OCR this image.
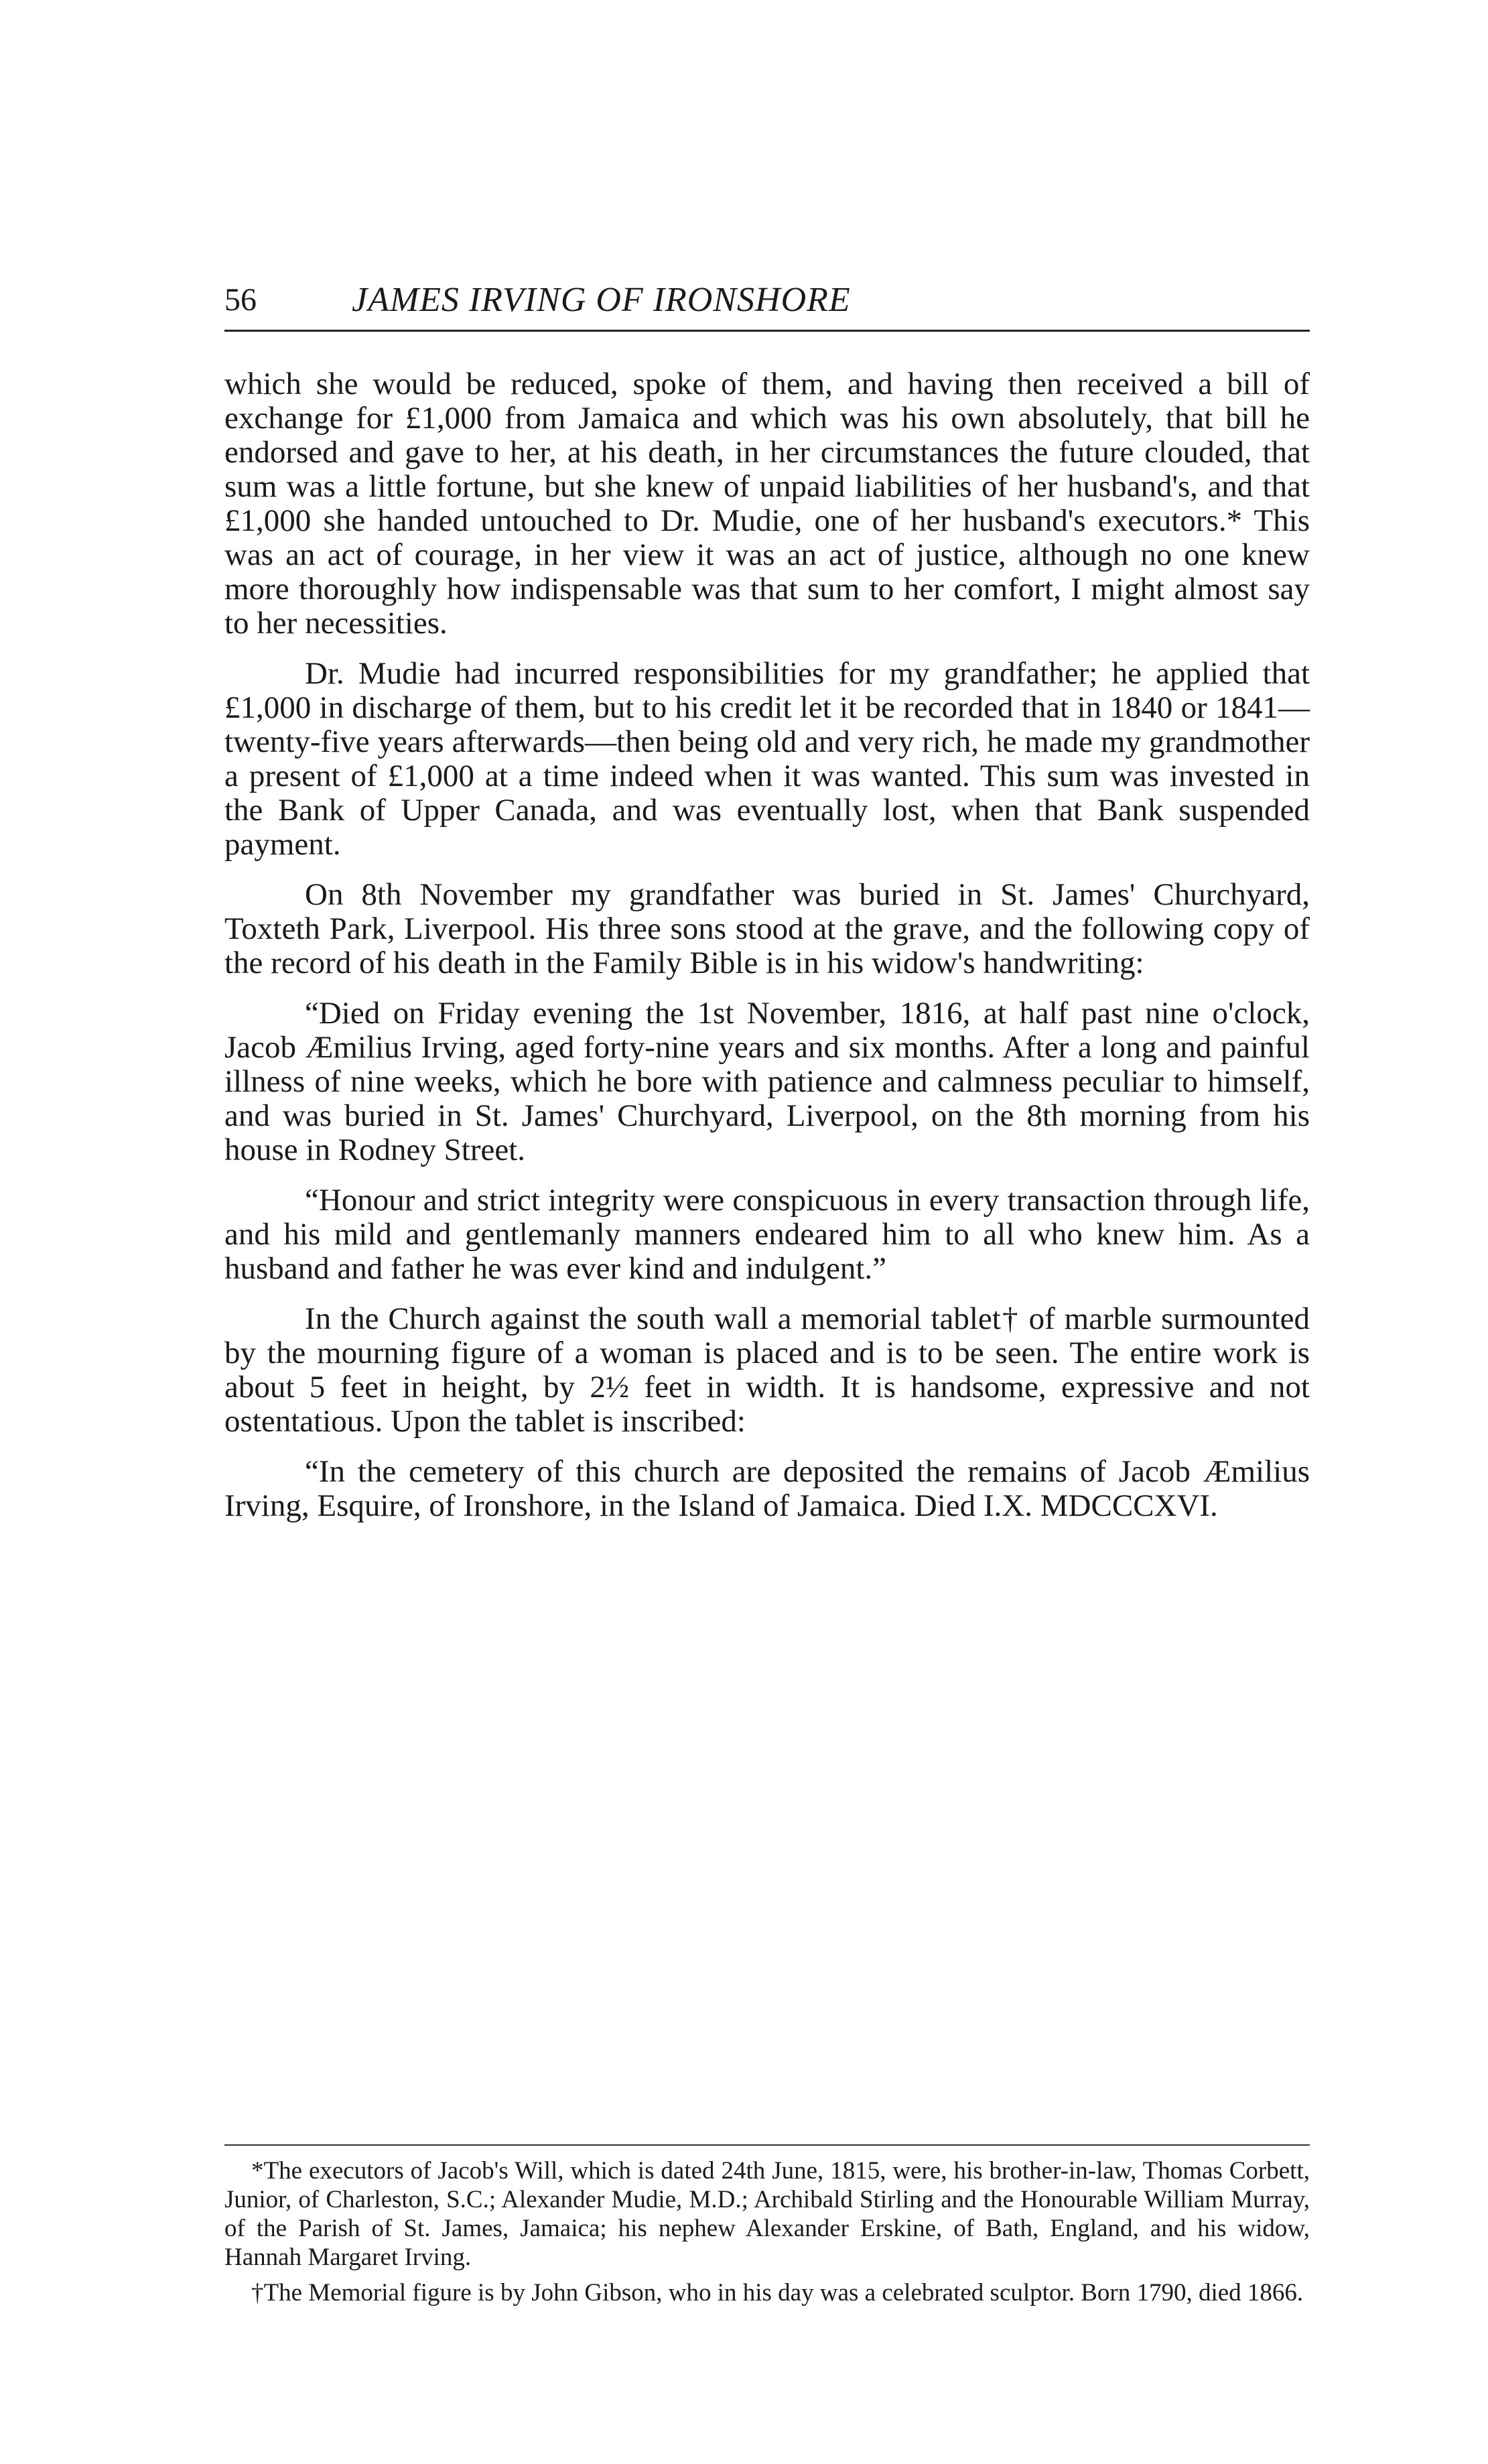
56	JAMES IRVING OF IRONSHORE

which she would be reduced, spoke of them, and having then received a bill of exchange for £1,000 from Jamaica and which was his own absolutely, that bill he endorsed and gave to her, at his death, in her circumstances the future clouded, that sum was a little fortune, but she knew of unpaid liabilities of her husband's, and that £1,000 she handed untouched to Dr. Mudie, one of her husband's executors.* This was an act of courage, in her view it was an act of justice, although no one knew more thoroughly how indispensable was that sum to her comfort, I might almost say to her necessities.

Dr. Mudie had incurred responsibilities for my grandfather; he applied that £1,000 in discharge of them, but to his credit let it be recorded that in 1840 or 1841—twenty-five years afterwards—then being old and very rich, he made my grandmother a present of £1,000 at a time indeed when it was wanted. This sum was invested in the Bank of Upper Canada, and was eventually lost, when that Bank suspended payment.

On 8th November my grandfather was buried in St. James' Churchyard, Toxteth Park, Liverpool. His three sons stood at the grave, and the following copy of the record of his death in the Family Bible is in his widow's handwriting:

“Died on Friday evening the 1st November, 1816, at half past nine o'clock, Jacob Æmilius Irving, aged forty-nine years and six months. After a long and painful illness of nine weeks, which he bore with patience and calmness peculiar to himself, and was buried in St. James' Churchyard, Liverpool, on the 8th morning from his house in Rodney Street.

“Honour and strict integrity were conspicuous in every transaction through life, and his mild and gentlemanly manners endeared him to all who knew him. As a husband and father he was ever kind and indulgent.”

In the Church against the south wall a memorial tablet† of marble surmounted by the mourning figure of a woman is placed and is to be seen. The entire work is about 5 feet in height, by 2½ feet in width. It is handsome, expressive and not ostentatious. Upon the tablet is inscribed:

“In the cemetery of this church are deposited the remains of Jacob Æmilius Irving, Esquire, of Ironshore, in the Island of Jamaica. Died I.X. MDCCCXVI.

*The executors of Jacob's Will, which is dated 24th June, 1815, were, his brother-in-law, Thomas Corbett, Junior, of Charleston, S.C.; Alexander Mudie, M.D.; Archibald Stirling and the Honourable William Murray, of the Parish of St. James, Jamaica; his nephew Alexander Erskine, of Bath, England, and his widow, Hannah Margaret Irving.

†The Memorial figure is by John Gibson, who in his day was a celebrated sculptor. Born 1790, died 1866.
